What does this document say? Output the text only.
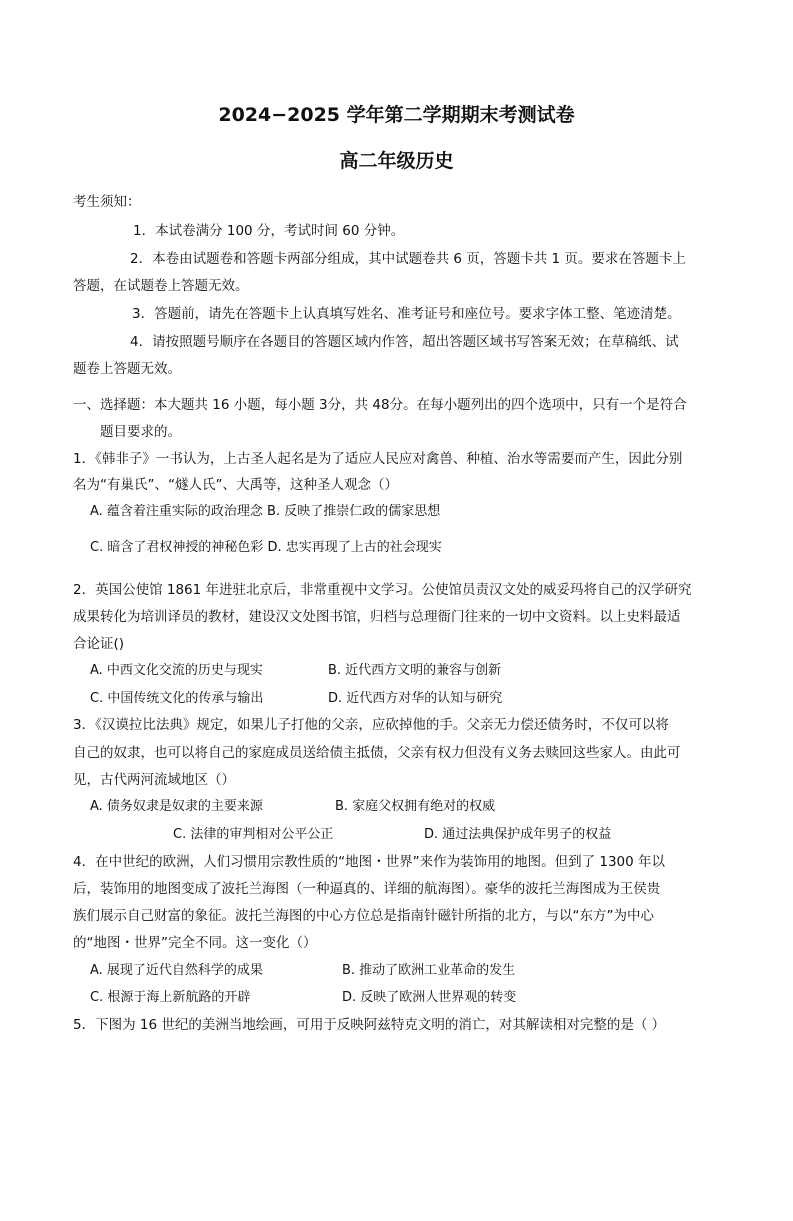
2024−2025 学年第二学期期末考测试卷
高二年级历史
考生须知：
1．本试卷满分 100 分，考试时间 60 分钟。
2．本卷由试题卷和答题卡两部分组成，其中试题卷共 6 页，答题卡共 1 页。要求在答题卡上
答题，在试题卷上答题无效。
3．答题前，请先在答题卡上认真填写姓名、准考证号和座位号。要求字体工整、笔迹清楚。
4．请按照题号顺序在各题目的答题区域内作答，超出答题区域书写答案无效；在草稿纸、试
题卷上答题无效。
一、选择题：本大题共 16 小题，每小题 3分，共 48分。在每小题列出的四个选项中，只有一个是符合
题目要求的。
1．《韩非子》一书认为，上古圣人起名是为了适应人民应对禽兽、种植、治水等需要而产生，因此分别
名为“有巢氏”、“燧人氏”、大禹等，这种圣人观念（）
A. 蕴含着注重实际的政治理念 B. 反映了推崇仁政的儒家思想
C. 暗含了君权神授的神秘色彩 D. 忠实再现了上古的社会现实
2．英国公使馆 1861 年进驻北京后，非常重视中文学习。公使馆员责汉文处的威妥玛将自己的汉学研究
成果转化为培训译员的教材，建设汉文处图书馆，归档与总理衙门往来的一切中文资料。以上史料最适
合论证()
A. 中西文化交流的历史与现实	B. 近代西方文明的兼容与创新
C. 中国传统文化的传承与输出	D. 近代西方对华的认知与研究
3．《汉谟拉比法典》规定，如果儿子打他的父亲，应砍掉他的手。父亲无力偿还债务时，不仅可以将
自己的奴隶，也可以将自己的家庭成员送给债主抵债，父亲有权力但没有义务去赎回这些家人。由此可
见，古代两河流域地区（）
A. 债务奴隶是奴隶的主要来源	B. 家庭父权拥有绝对的权威
C. 法律的审判相对公平公正	D. 通过法典保护成年男子的权益
4．在中世纪的欧洲，人们习惯用宗教性质的“地图・世界”来作为装饰用的地图。但到了 1300 年以
后，装饰用的地图变成了波托兰海图（一种逼真的、详细的航海图）。豪华的波托兰海图成为王侯贵
族们展示自己财富的象征。波托兰海图的中心方位总是指南针磁针所指的北方，与以“东方”为中心
的“地图・世界”完全不同。这一变化（）
A. 展现了近代自然科学的成果	B. 推动了欧洲工业革命的发生
C. 根源于海上新航路的开辟	D. 反映了欧洲人世界观的转变
5．下图为 16 世纪的美洲当地绘画，可用于反映阿兹特克文明的消亡，对其解读相对完整的是（ ）
